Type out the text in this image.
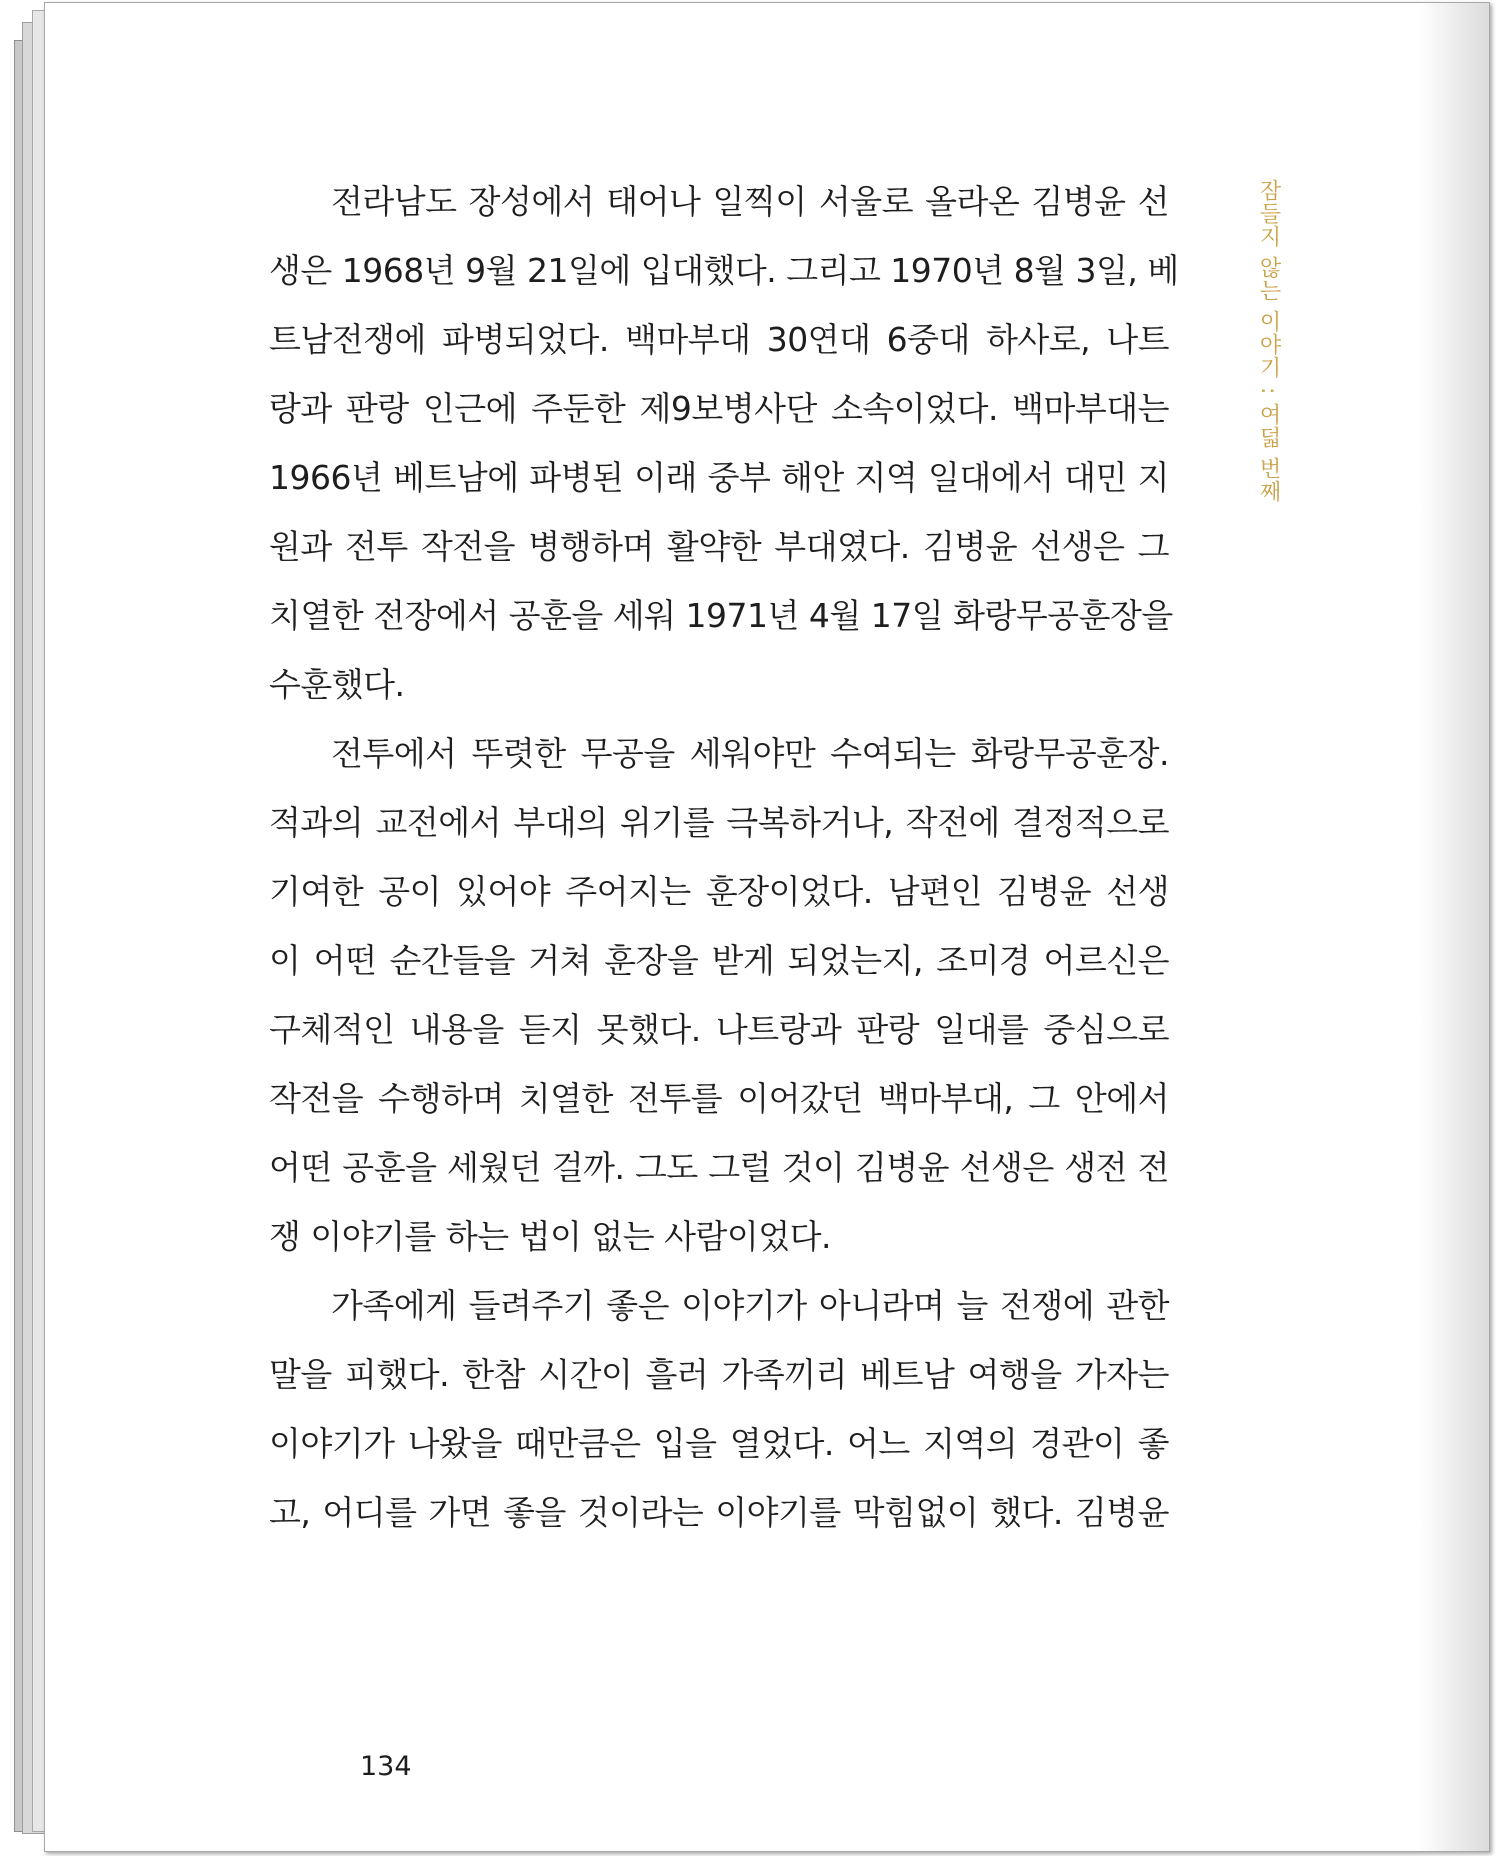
전라남도 장성에서 태어나 일찍이 서울로 올라온 김병윤 선
생은 1968년 9월 21일에 입대했다. 그리고 1970년 8월 3일, 베
트남전쟁에 파병되었다. 백마부대 30연대 6중대 하사로, 나트
랑과 판랑 인근에 주둔한 제9보병사단 소속이었다. 백마부대는
1966년 베트남에 파병된 이래 중부 해안 지역 일대에서 대민 지
원과 전투 작전을 병행하며 활약한 부대였다. 김병윤 선생은 그
치열한 전장에서 공훈을 세워 1971년 4월 17일 화랑무공훈장을
수훈했다.

전투에서 뚜렷한 무공을 세워야만 수여되는 화랑무공훈장.
적과의 교전에서 부대의 위기를 극복하거나, 작전에 결정적으로
기여한 공이 있어야 주어지는 훈장이었다. 남편인 김병윤 선생
이 어떤 순간들을 거쳐 훈장을 받게 되었는지, 조미경 어르신은
구체적인 내용을 듣지 못했다. 나트랑과 판랑 일대를 중심으로
작전을 수행하며 치열한 전투를 이어갔던 백마부대, 그 안에서
어떤 공훈을 세웠던 걸까. 그도 그럴 것이 김병윤 선생은 생전 전
쟁 이야기를 하는 법이 없는 사람이었다.

가족에게 들려주기 좋은 이야기가 아니라며 늘 전쟁에 관한
말을 피했다. 한참 시간이 흘러 가족끼리 베트남 여행을 가자는
이야기가 나왔을 때만큼은 입을 열었다. 어느 지역의 경관이 좋
고, 어디를 가면 좋을 것이라는 이야기를 막힘없이 했다. 김병윤

잠들지 않는 이야기 : 여덟 번째
134
